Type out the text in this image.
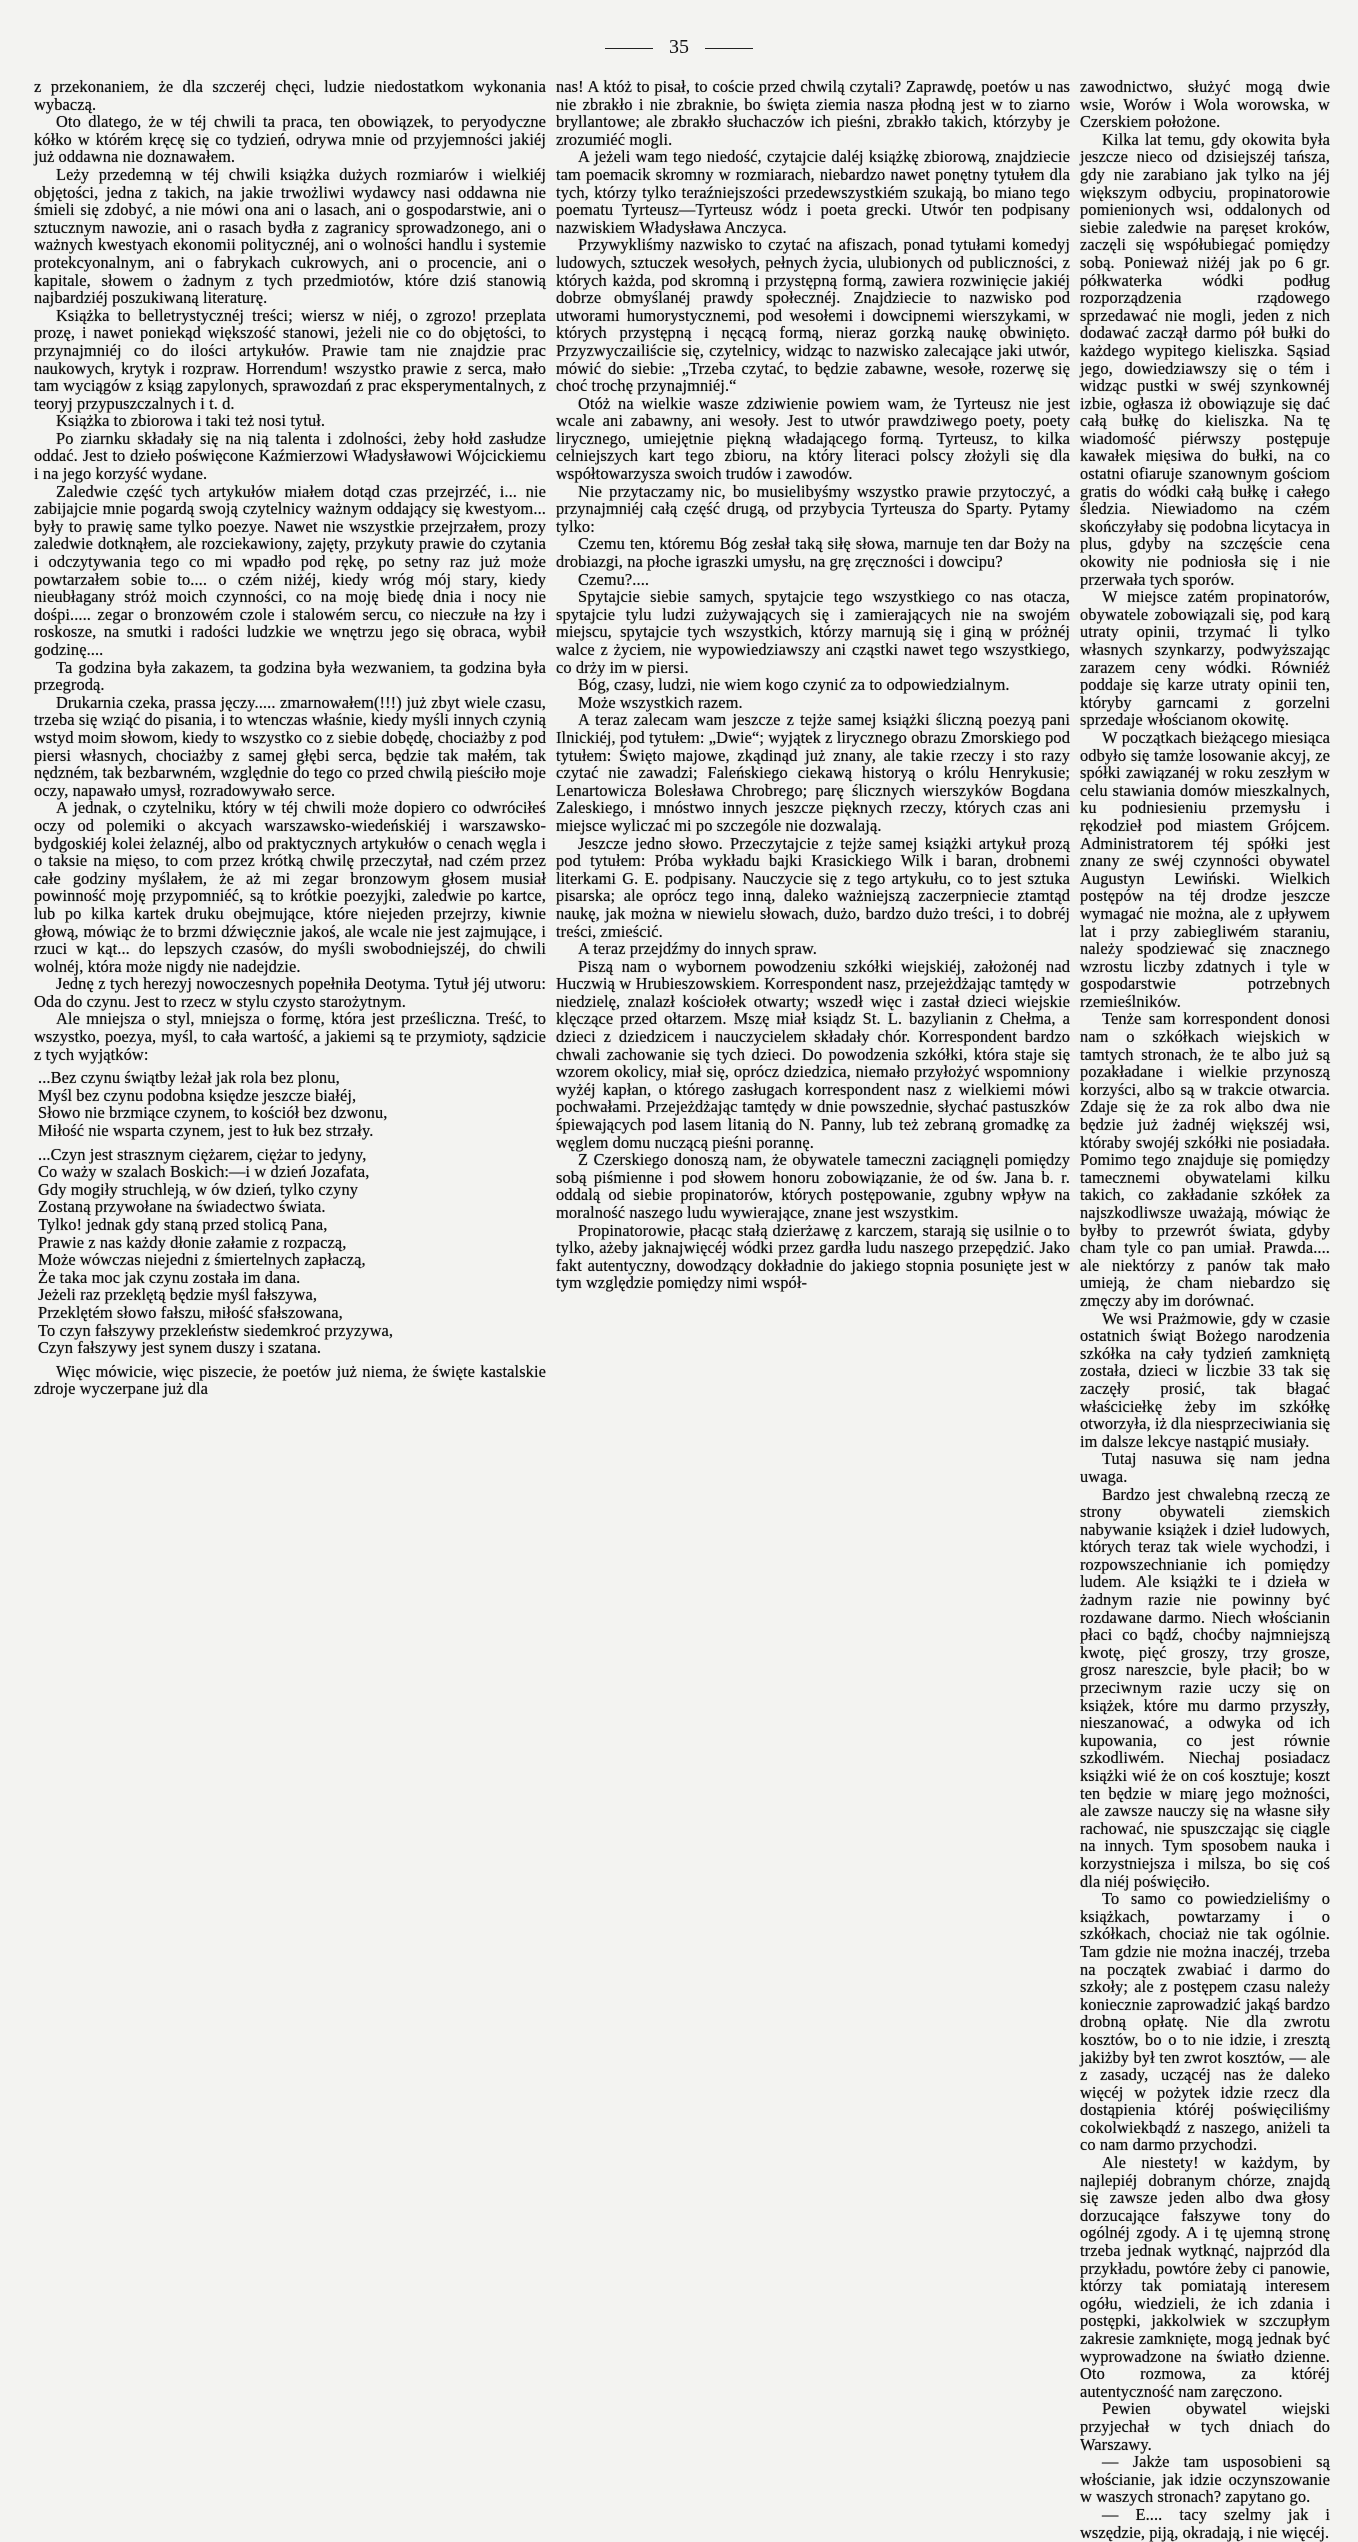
35

z przekonaniem, że dla szczeréj chęci, ludzie niedostatkom wykonania wybaczą.

Oto dlatego, że w téj chwili ta praca, ten obowiązek, to peryodyczne kółko w którém kręcę się co tydzień, odrywa mnie od przyjemności jakiéj już oddawna nie doznawałem.

Leży przedemną w téj chwili książka dużych rozmiarów i wielkiéj objętości, jedna z takich, na jakie trwożliwi wydawcy nasi oddawna nie śmieli się zdobyć, a nie mówi ona ani o lasach, ani o gospodarstwie, ani o sztucznym nawozie, ani o rasach bydła z zagranicy sprowadzonego, ani o ważnych kwestyach ekonomii politycznéj, ani o wolności handlu i systemie protekcyonalnym, ani o fabrykach cukrowych, ani o procencie, ani o kapitale, słowem o żadnym z tych przedmiotów, które dziś stanowią najbardziéj poszukiwaną literaturę.

Książka to belletrystycznéj treści; wiersz w niéj, o zgrozo! przeplata prozę, i nawet poniekąd większość stanowi, jeżeli nie co do objętości, to przynajmniéj co do ilości artykułów. Prawie tam nie znajdzie prac naukowych, krytyk i rozpraw. Horrendum! wszystko prawie z serca, mało tam wyciągów z ksiąg zapylonych, sprawozdań z prac eksperymentalnych, z teoryj przypuszczalnych i t. d.

Książka to zbiorowa i taki też nosi tytuł.

Po ziarnku składały się na nią talenta i zdolności, żeby hołd zasłudze oddać. Jest to dzieło poświęcone Kaźmierzowi Władysławowi Wójcickiemu i na jego korzyść wydane.

Zaledwie część tych artykułów miałem dotąd czas przejrzéć, i... nie zabijajcie mnie pogardą swoją czytelnicy ważnym oddający się kwestyom... były to prawię same tylko poezye. Nawet nie wszystkie przejrzałem, prozy zaledwie dotknąłem, ale rozciekawiony, zajęty, przykuty prawie do czytania i odczytywania tego co mi wpadło pod rękę, po setny raz już może powtarzałem sobie to.... o czém niżéj, kiedy wróg mój stary, kiedy nieubłagany stróż moich czynności, co na moję biedę dnia i nocy nie dośpi..... zegar o bronzowém czole i stalowém sercu, co nieczułe na łzy i roskosze, na smutki i radości ludzkie we wnętrzu jego się obraca, wybił godzinę....

Ta godzina była zakazem, ta godzina była wezwaniem, ta godzina była przegrodą.

Drukarnia czeka, prassa jęczy..... zmarnowałem(!!!) już zbyt wiele czasu, trzeba się wziąć do pisania, i to wtenczas właśnie, kiedy myśli innych czynią wstyd moim słowom, kiedy to wszystko co z siebie dobędę, chociażby z pod piersi własnych, chociażby z samej głębi serca, będzie tak małém, tak nędzném, tak bezbarwném, względnie do tego co przed chwilą pieściło moje oczy, napawało umysł, rozradowywało serce.

A jednak, o czytelniku, który w téj chwili może dopiero co odwróciłeś oczy od polemiki o akcyach warszawsko-wiedeńskiéj i warszawsko-bydgoskiéj kolei żelaznéj, albo od praktycznych artykułów o cenach węgla i o taksie na mięso, to com przez krótką chwilę przeczytał, nad czém przez całe godziny myślałem, że aż mi zegar bronzowym głosem musiał powinność moję przypomniéć, są to krótkie poezyjki, zaledwie po kartce, lub po kilka kartek druku obejmujące, które niejeden przejrzy, kiwnie głową, mówiąc że to brzmi dźwięcznie jakoś, ale wcale nie jest zajmujące, i rzuci w kąt... do lepszych czasów, do myśli swobodniejszéj, do chwili wolnéj, która może nigdy nie nadejdzie.

Jednę z tych herezyj nowoczesnych popełniła Deotyma. Tytuł jéj utworu: Oda do czynu. Jest to rzecz w stylu czysto starożytnym.

Ale mniejsza o styl, mniejsza o formę, która jest prześliczna. Treść, to wszystko, poezya, myśl, to cała wartość, a jakiemi są te przymioty, sądzicie z tych wyjątków:

...Bez czynu świątby leżał jak rola bez plonu,
Myśl bez czynu podobna księdze jeszcze białéj,
Słowo nie brzmiące czynem, to kościół bez dzwonu,
Miłość nie wsparta czynem, jest to łuk bez strzały.

...Czyn jest strasznym ciężarem, ciężar to jedyny,
Co waży w szalach Boskich:—i w dzień Jozafata,
Gdy mogiły struchleją, w ów dzień, tylko czyny
Zostaną przywołane na świadectwo świata.
Tylko! jednak gdy staną przed stolicą Pana,
Prawie z nas każdy dłonie załamie z rozpaczą,
Może wówczas niejedni z śmiertelnych zapłaczą,
Że taka moc jak czynu została im dana.
Jeżeli raz przeklętą będzie myśl fałszywa,
Przeklętém słowo fałszu, miłość sfałszowana,
To czyn fałszywy przekleństw siedemkroć przyzywa,
Czyn fałszywy jest synem duszy i szatana.

Więc mówicie, więc piszecie, że poetów już niema, że święte kastalskie zdroje wyczerpane już dla

nas! A któż to pisał, to coście przed chwilą czytali? Zaprawdę, poetów u nas nie zbrakło i nie zbraknie, bo święta ziemia nasza płodną jest w to ziarno bryllantowe; ale zbrakło słuchaczów ich pieśni, zbrakło takich, którzyby je zrozumiéć mogli.

A jeżeli wam tego niedość, czytajcie daléj książkę zbiorową, znajdziecie tam poemacik skromny w rozmiarach, niebardzo nawet ponętny tytułem dla tych, którzy tylko teraźniejszości przedewszystkiém szukają, bo miano tego poematu Tyrteusz—Tyrteusz wódz i poeta grecki. Utwór ten podpisany nazwiskiem Władysława Anczyca.

Przywykliśmy nazwisko to czytać na afiszach, ponad tytułami komedyj ludowych, sztuczek wesołych, pełnych życia, ulubionych od publiczności, z których każda, pod skromną i przystępną formą, zawiera rozwinięcie jakiéj dobrze obmyślanéj prawdy społecznéj. Znajdziecie to nazwisko pod utworami humorystycznemi, pod wesołemi i dowcipnemi wierszykami, w których przystępną i nęcącą formą, nieraz gorzką naukę obwinięto. Przyzwyczailiście się, czytelnicy, widząc to nazwisko zalecające jaki utwór, mówić do siebie: „Trzeba czytać, to będzie zabawne, wesołe, rozerwę się choć trochę przynajmniéj.“

Otóż na wielkie wasze zdziwienie powiem wam, że Tyrteusz nie jest wcale ani zabawny, ani wesoły. Jest to utwór prawdziwego poety, poety lirycznego, umiejętnie piękną władającego formą. Tyrteusz, to kilka celniejszych kart tego zbioru, na który literaci polscy złożyli się dla współtowarzysza swoich trudów i zawodów.

Nie przytaczamy nic, bo musielibyśmy wszystko prawie przytoczyć, a przynajmniéj całą część drugą, od przybycia Tyrteusza do Sparty. Pytamy tylko:

Czemu ten, któremu Bóg zesłał taką siłę słowa, marnuje ten dar Boży na drobiazgi, na płoche igraszki umysłu, na grę zręczności i dowcipu?

Czemu?....

Spytajcie siebie samych, spytajcie tego wszystkiego co nas otacza, spytajcie tylu ludzi zużywających się i zamierających nie na swojém miejscu, spytajcie tych wszystkich, którzy marnują się i giną w próżnéj walce z życiem, nie wypowiedziawszy ani cząstki nawet tego wszystkiego, co drży im w piersi.

Bóg, czasy, ludzi, nie wiem kogo czynić za to odpowiedzialnym.

Może wszystkich razem.

A teraz zalecam wam jeszcze z tejże samej książki śliczną poezyą pani Ilnickiéj, pod tytułem: „Dwie“; wyjątek z lirycznego obrazu Zmorskiego pod tytułem: Święto majowe, zkądinąd już znany, ale takie rzeczy i sto razy czytać nie zawadzi; Faleńskiego ciekawą historyą o królu Henrykusie; Lenartowicza Bolesława Chrobrego; parę ślicznych wierszyków Bogdana Zaleskiego, i mnóstwo innych jeszcze pięknych rzeczy, których czas ani miejsce wyliczać mi po szczególe nie dozwalają.

Jeszcze jedno słowo. Przeczytajcie z tejże samej książki artykuł prozą pod tytułem: Próba wykładu bajki Krasickiego Wilk i baran, drobnemi literkami G. E. podpisany. Nauczycie się z tego artykułu, co to jest sztuka pisarska; ale oprócz tego inną, daleko ważniejszą zaczerpniecie ztamtąd naukę, jak można w niewielu słowach, dużo, bardzo dużo treści, i to dobréj treści, zmieścić.

A teraz przejdźmy do innych spraw.

Piszą nam o wybornem powodzeniu szkółki wiejskiéj, założonéj nad Huczwią w Hrubieszowskiem. Korrespondent nasz, przejeżdżając tamtędy w niedzielę, znalazł kościołek otwarty; wszedł więc i zastał dzieci wiejskie klęczące przed ołtarzem. Mszę miał ksiądz St. L. bazylianin z Chełma, a dzieci z dziedzicem i nauczycielem składały chór. Korrespondent bardzo chwali zachowanie się tych dzieci. Do powodzenia szkółki, która staje się wzorem okolicy, miał się, oprócz dziedzica, niemało przyłożyć wspomniony wyżéj kapłan, o którego zasługach korrespondent nasz z wielkiemi mówi pochwałami. Przejeżdżając tamtędy w dnie powszednie, słychać pastuszków śpiewających pod lasem litanią do N. Panny, lub też zebraną gromadkę za węglem domu nuczącą pieśni porannę.

Z Czerskiego donoszą nam, że obywatele tameczni zaciągnęli pomiędzy sobą piśmienne i pod słowem honoru zobowiązanie, że od św. Jana b. r. oddalą od siebie propinatorów, których postępowanie, zgubny wpływ na moralność naszego ludu wywierające, znane jest wszystkim.

Propinatorowie, płacąc stałą dzierżawę z karczem, starają się usilnie o to tylko, ażeby jaknajwięcéj wódki przez gardła ludu naszego przepędzić. Jako fakt autentyczny, dowodzący dokładnie do jakiego stopnia posunięte jest w tym względzie pomiędzy nimi współ-

zawodnictwo, służyć mogą dwie wsie, Worów i Wola worowska, w Czerskiem położone.

Kilka lat temu, gdy okowita była jeszcze nieco od dzisiejszéj tańsza, gdy nie zarabiano jak tylko na jéj większym odbyciu, propinatorowie pomienionych wsi, oddalonych od siebie zaledwie na paręset kroków, zaczęli się współubiegać pomiędzy sobą. Ponieważ niżéj jak po 6 gr. półkwaterka wódki podług rozporządzenia rządowego sprzedawać nie mogli, jeden z nich dodawać zaczął darmo pół bułki do każdego wypitego kieliszka. Sąsiad jego, dowiedziawszy się o tém i widząc pustki w swéj szynkownéj izbie, ogłasza iż obowiązuje się dać całą bułkę do kieliszka. Na tę wiadomość piérwszy postępuje kawałek mięsiwa do bułki, na co ostatni ofiaruje szanownym gościom gratis do wódki całą bułkę i całego śledzia. Niewiadomo na czém skończyłaby się podobna licytacya in plus, gdyby na szczęście cena okowity nie podniosła się i nie przerwała tych sporów.

W miejsce zatém propinatorów, obywatele zobowiązali się, pod karą utraty opinii, trzymać li tylko własnych szynkarzy, podwyższając zarazem ceny wódki. Równiéż poddaje się karze utraty opinii ten, któryby garncami z gorzelni sprzedaje włościanom okowitę.

W początkach bieżącego miesiąca odbyło się tamże losowanie akcyj, ze spółki zawiązanéj w roku zeszłym w celu stawiania domów mieszkalnych, ku podniesieniu przemysłu i rękodzieł pod miastem Grójcem. Administratorem téj spółki jest znany ze swéj czynności obywatel Augustyn Lewiński. Wielkich postępów na téj drodze jeszcze wymagać nie można, ale z upływem lat i przy zabiegliwém staraniu, należy spodziewać się znacznego wzrostu liczby zdatnych i tyle w gospodarstwie potrzebnych rzemieślników.

Tenże sam korrespondent donosi nam o szkółkach wiejskich w tamtych stronach, że te albo już są pozakładane i wielkie przynoszą korzyści, albo są w trakcie otwarcia. Zdaje się że za rok albo dwa nie będzie już żadnéj większéj wsi, któraby swojéj szkółki nie posiadała. Pomimo tego znajduje się pomiędzy tamecznemi obywatelami kilku takich, co zakładanie szkółek za najszkodliwsze uważają, mówiąc że byłby to przewrót świata, gdyby cham tyle co pan umiał. Prawda.... ale niektórzy z panów tak mało umieją, że cham niebardzo się zmęczy aby im dorównać.

We wsi Prażmowie, gdy w czasie ostatnich świąt Bożego narodzenia szkółka na cały tydzień zamkniętą została, dzieci w liczbie 33 tak się zaczęły prosić, tak błagać właściciełkę żeby im szkółkę otworzyła, iż dla niesprzeciwiania się im dalsze lekcye nastąpić musiały.

Tutaj nasuwa się nam jedna uwaga.

Bardzo jest chwalebną rzeczą ze strony obywateli ziemskich nabywanie książek i dzieł ludowych, których teraz tak wiele wychodzi, i rozpowszechnianie ich pomiędzy ludem. Ale książki te i dzieła w żadnym razie nie powinny być rozdawane darmo. Niech włościanin płaci co bądź, choćby najmniejszą kwotę, pięć groszy, trzy grosze, grosz nareszcie, byle płacił; bo w przeciwnym razie uczy się on książek, które mu darmo przyszły, nieszanować, a odwyka od ich kupowania, co jest równie szkodliwém. Niechaj posiadacz książki wié że on coś kosztuje; koszt ten będzie w miarę jego możności, ale zawsze nauczy się na własne siły rachować, nie spuszczając się ciągle na innych. Tym sposobem nauka i korzystniejsza i milsza, bo się coś dla niéj poświęciło.

To samo co powiedzieliśmy o książkach, powtarzamy i o szkółkach, chociaż nie tak ogólnie. Tam gdzie nie można inaczéj, trzeba na początek zwabiać i darmo do szkoły; ale z postępem czasu należy koniecznie zaprowadzić jakąś bardzo drobną opłatę. Nie dla zwrotu kosztów, bo o to nie idzie, i zresztą jakiżby był ten zwrot kosztów, — ale z zasady, uczącéj nas że daleko więcéj w pożytek idzie rzecz dla dostąpienia któréj poświęciliśmy cokolwiekbądź z naszego, aniżeli ta co nam darmo przychodzi.

Ale niestety! w każdym, by najlepiéj dobranym chórze, znajdą się zawsze jeden albo dwa głosy dorzucające fałszywe tony do ogólnéj zgody. A i tę ujemną stronę trzeba jednak wytknąć, najprzód dla przykładu, powtóre żeby ci panowie, którzy tak pomiatają interesem ogółu, wiedzieli, że ich zdania i postępki, jakkolwiek w szczupłym zakresie zamknięte, mogą jednak być wyprowadzone na światło dzienne. Oto rozmowa, za któréj autentyczność nam zaręczono.

Pewien obywatel wiejski przyjechał w tych dniach do Warszawy.

— Jakże tam usposobieni są włościanie, jak idzie oczynszowanie w waszych stronach? zapytano go.

— E.... tacy szelmy jak i wszędzie, piją, okradają, i nie więcéj.
